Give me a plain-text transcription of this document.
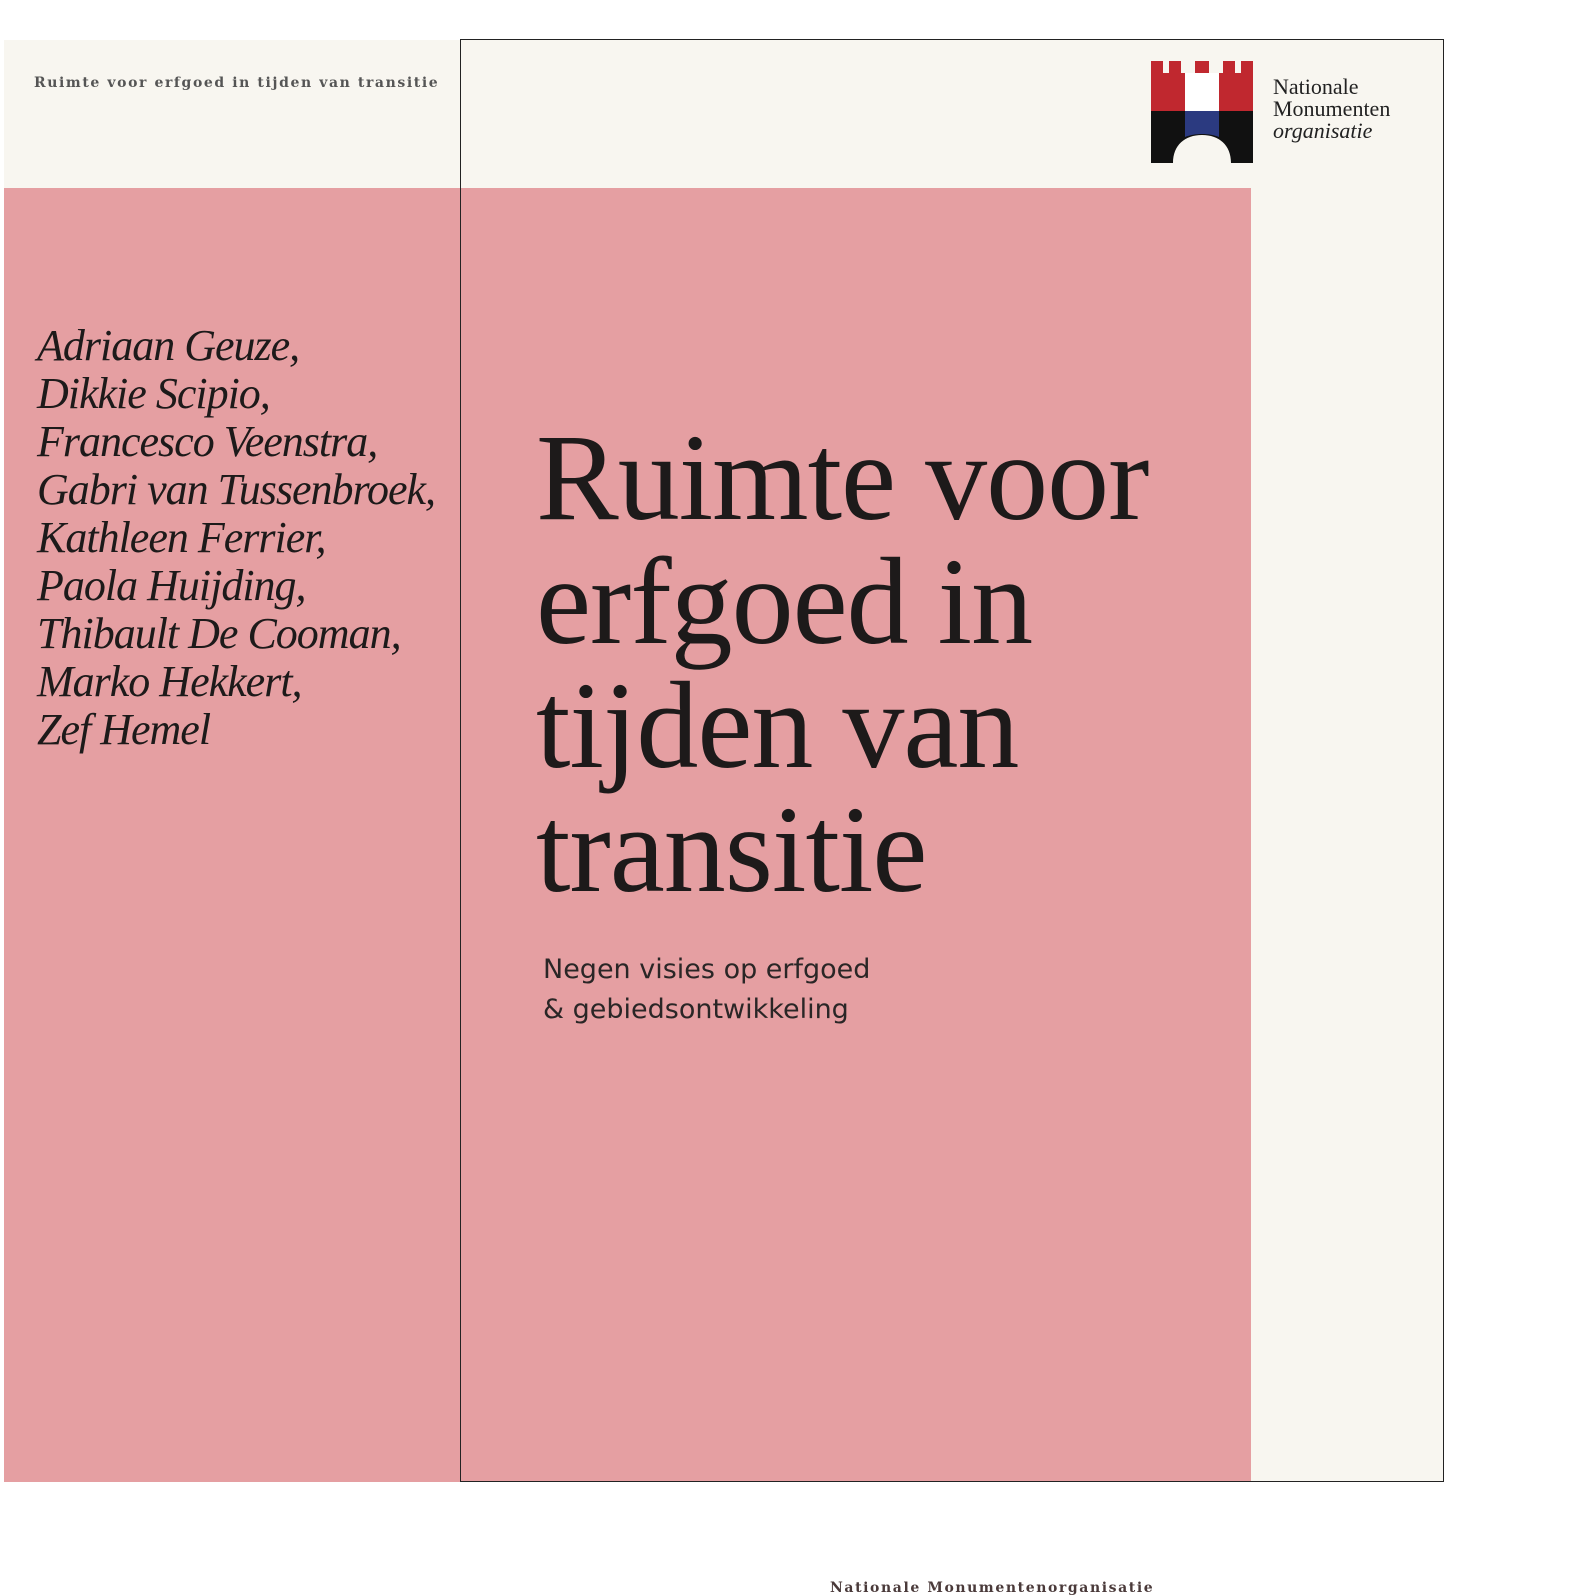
Ruimte voor erfgoed in tijden van transitie
Adriaan Geuze,
Dikkie Scipio,
Francesco Veenstra,
Gabri van Tussenbroek,
Kathleen Ferrier,
Paola Huijding,
Thibault De Cooman,
Marko Hekkert,
Zef Hemel
Ruimte voor
erfgoed in
tijden van
transitie
Negen visies op erfgoed
& gebiedsontwikkeling
Nationale Monumentenorganisatie
Nationale
Monumenten
organisatie
